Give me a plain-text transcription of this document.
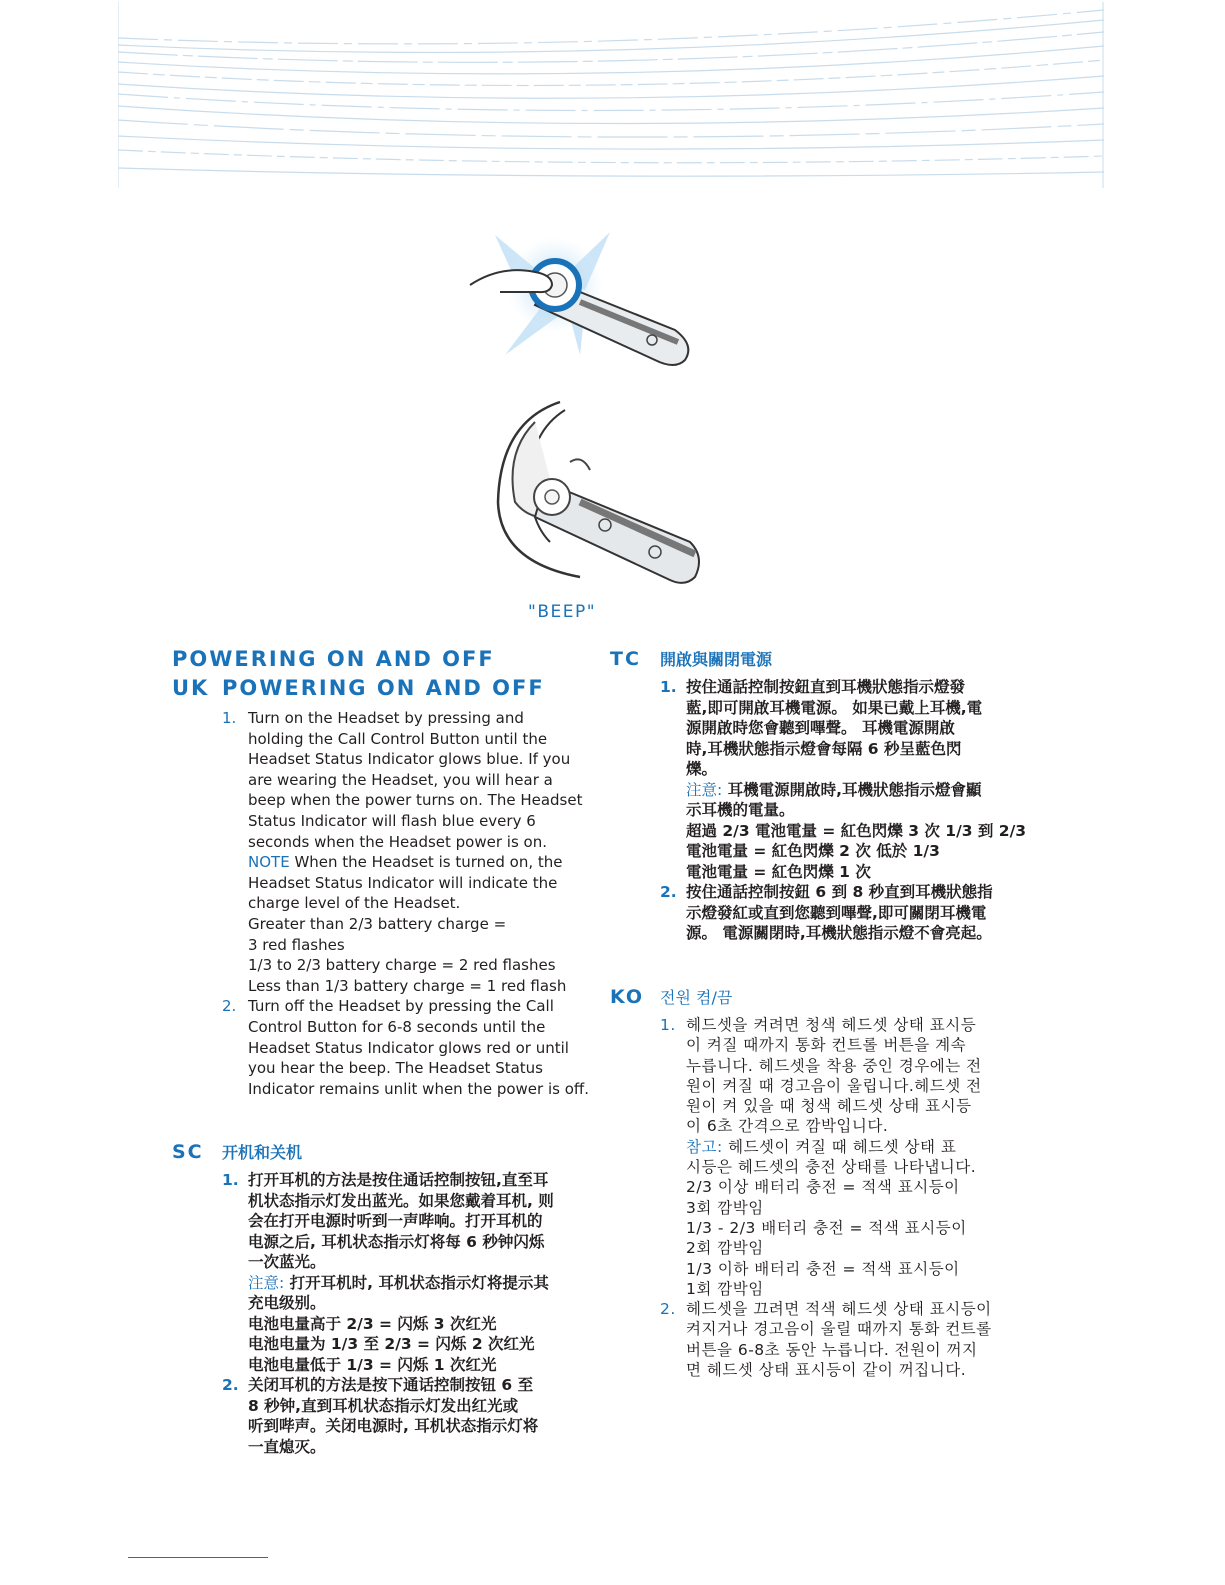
"BEEP"
POWERING ON AND OFF
UK POWERING ON AND OFF
1. Turn on the Headset by pressing and
holding the Call Control Button until the
Headset Status Indicator glows blue. If you
are wearing the Headset, you will hear a
beep when the power turns on. The Headset
Status Indicator will flash blue every 6
seconds when the Headset power is on.
NOTE When the Headset is turned on, the
Headset Status Indicator will indicate the
charge level of the Headset.
Greater than 2/3 battery charge =
3 red flashes
1/3 to 2/3 battery charge = 2 red flashes
Less than 1/3 battery charge = 1 red flash
2. Turn off the Headset by pressing the Call
Control Button for 6-8 seconds until the
Headset Status Indicator glows red or until
you hear the beep. The Headset Status
Indicator remains unlit when the power is off.
SC 开机和关机
1. 打开耳机的方法是按住通话控制按钮,直至耳
机状态指示灯发出蓝光。如果您戴着耳机, 则
会在打开电源时听到一声哔响。打开耳机的
电源之后, 耳机状态指示灯将每 6 秒钟闪烁
一次蓝光。
注意: 打开耳机时, 耳机状态指示灯将提示其
充电级别。
电池电量高于 2/3 = 闪烁 3 次红光
电池电量为 1/3 至 2/3 = 闪烁 2 次红光
电池电量低于 1/3 = 闪烁 1 次红光
2. 关闭耳机的方法是按下通话控制按钮 6 至
8 秒钟,直到耳机状态指示灯发出红光或
听到哔声。关闭电源时, 耳机状态指示灯将
一直熄灭。
TC 開啟與關閉電源
1. 按住通話控制按鈕直到耳機狀態指示燈發
藍,即可開啟耳機電源。 如果已戴上耳機,電
源開啟時您會聽到嗶聲。 耳機電源開啟
時,耳機狀態指示燈會每隔 6 秒呈藍色閃
爍。
注意: 耳機電源開啟時,耳機狀態指示燈會顯
示耳機的電量。
超過 2/3 電池電量 = 紅色閃爍 3 次 1/3 到 2/3
電池電量 = 紅色閃爍 2 次 低於 1/3
電池電量 = 紅色閃爍 1 次
2. 按住通話控制按鈕 6 到 8 秒直到耳機狀態指
示燈發紅或直到您聽到嗶聲,即可關閉耳機電
源。 電源關閉時,耳機狀態指示燈不會亮起。
KO 전원 켬/끔
1. 헤드셋을 켜려면 청색 헤드셋 상태 표시등
이 켜질 때까지 통화 컨트롤 버튼을 계속
누릅니다. 헤드셋을 착용 중인 경우에는 전
원이 켜질 때 경고음이 울립니다.헤드셋 전
원이 켜 있을 때 청색 헤드셋 상태 표시등
이 6초 간격으로 깜박입니다.
참고: 헤드셋이 켜질 때 헤드셋 상태 표
시등은 헤드셋의 충전 상태를 나타냅니다.
2/3 이상 배터리 충전 = 적색 표시등이
3회 깜박임
1/3 - 2/3 배터리 충전 = 적색 표시등이
2회 깜박임
1/3 이하 배터리 충전 = 적색 표시등이
1회 깜박임
2. 헤드셋을 끄려면 적색 헤드셋 상태 표시등이
켜지거나 경고음이 울릴 때까지 통화 컨트롤
버튼을 6-8초 동안 누릅니다. 전원이 꺼지
면 헤드셋 상태 표시등이 같이 꺼집니다.
